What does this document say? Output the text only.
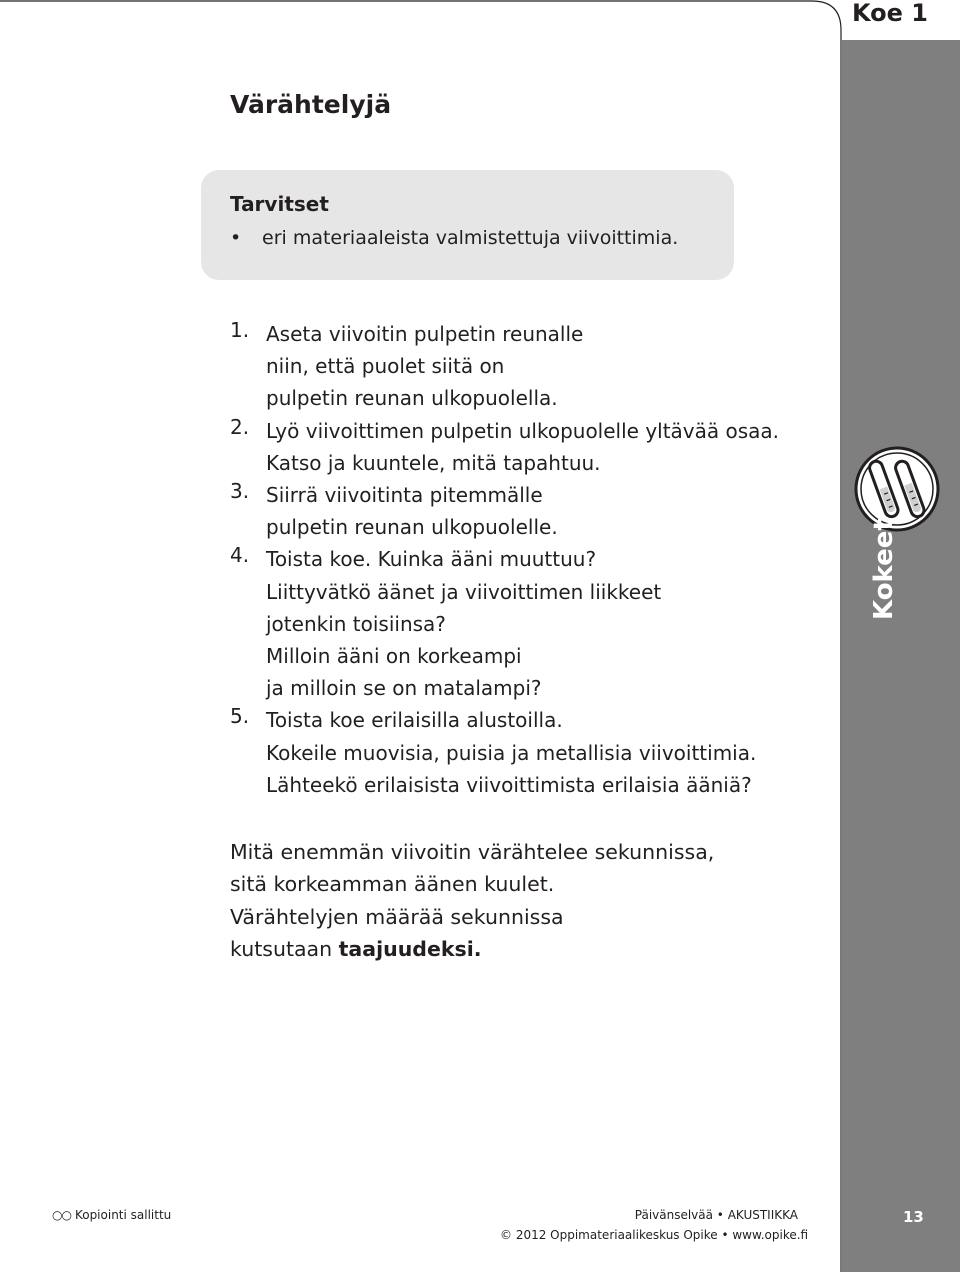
Koe 1
Kokeet
Värähtelyjä
Tarvitset
• eri materiaaleista valmistettuja viivoittimia.
1. Aseta viivoitin pulpetin reunalle
niin, että puolet siitä on
pulpetin reunan ulkopuolella.
2. Lyö viivoittimen pulpetin ulkopuolelle yltävää osaa.
Katso ja kuuntele, mitä tapahtuu.
3. Siirrä viivoitinta pitemmälle
pulpetin reunan ulkopuolelle.
4. Toista koe. Kuinka ääni muuttuu?
Liittyvätkö äänet ja viivoittimen liikkeet
jotenkin toisiinsa?
Milloin ääni on korkeampi
ja milloin se on matalampi?
5. Toista koe erilaisilla alustoilla.
Kokeile muovisia, puisia ja metallisia viivoittimia.
Lähteekö erilaisista viivoittimista erilaisia ääniä?
Mitä enemmän viivoitin värähtelee sekunnissa,
sitä korkeamman äänen kuulet.
Värähtelyjen määrää sekunnissa
kutsutaan taajuudeksi.
○○ Kopiointi sallittu	Päivänselvää • AKUSTIIKKA
© 2012 Oppimateriaalikeskus Opike • www.opike.fi
13
